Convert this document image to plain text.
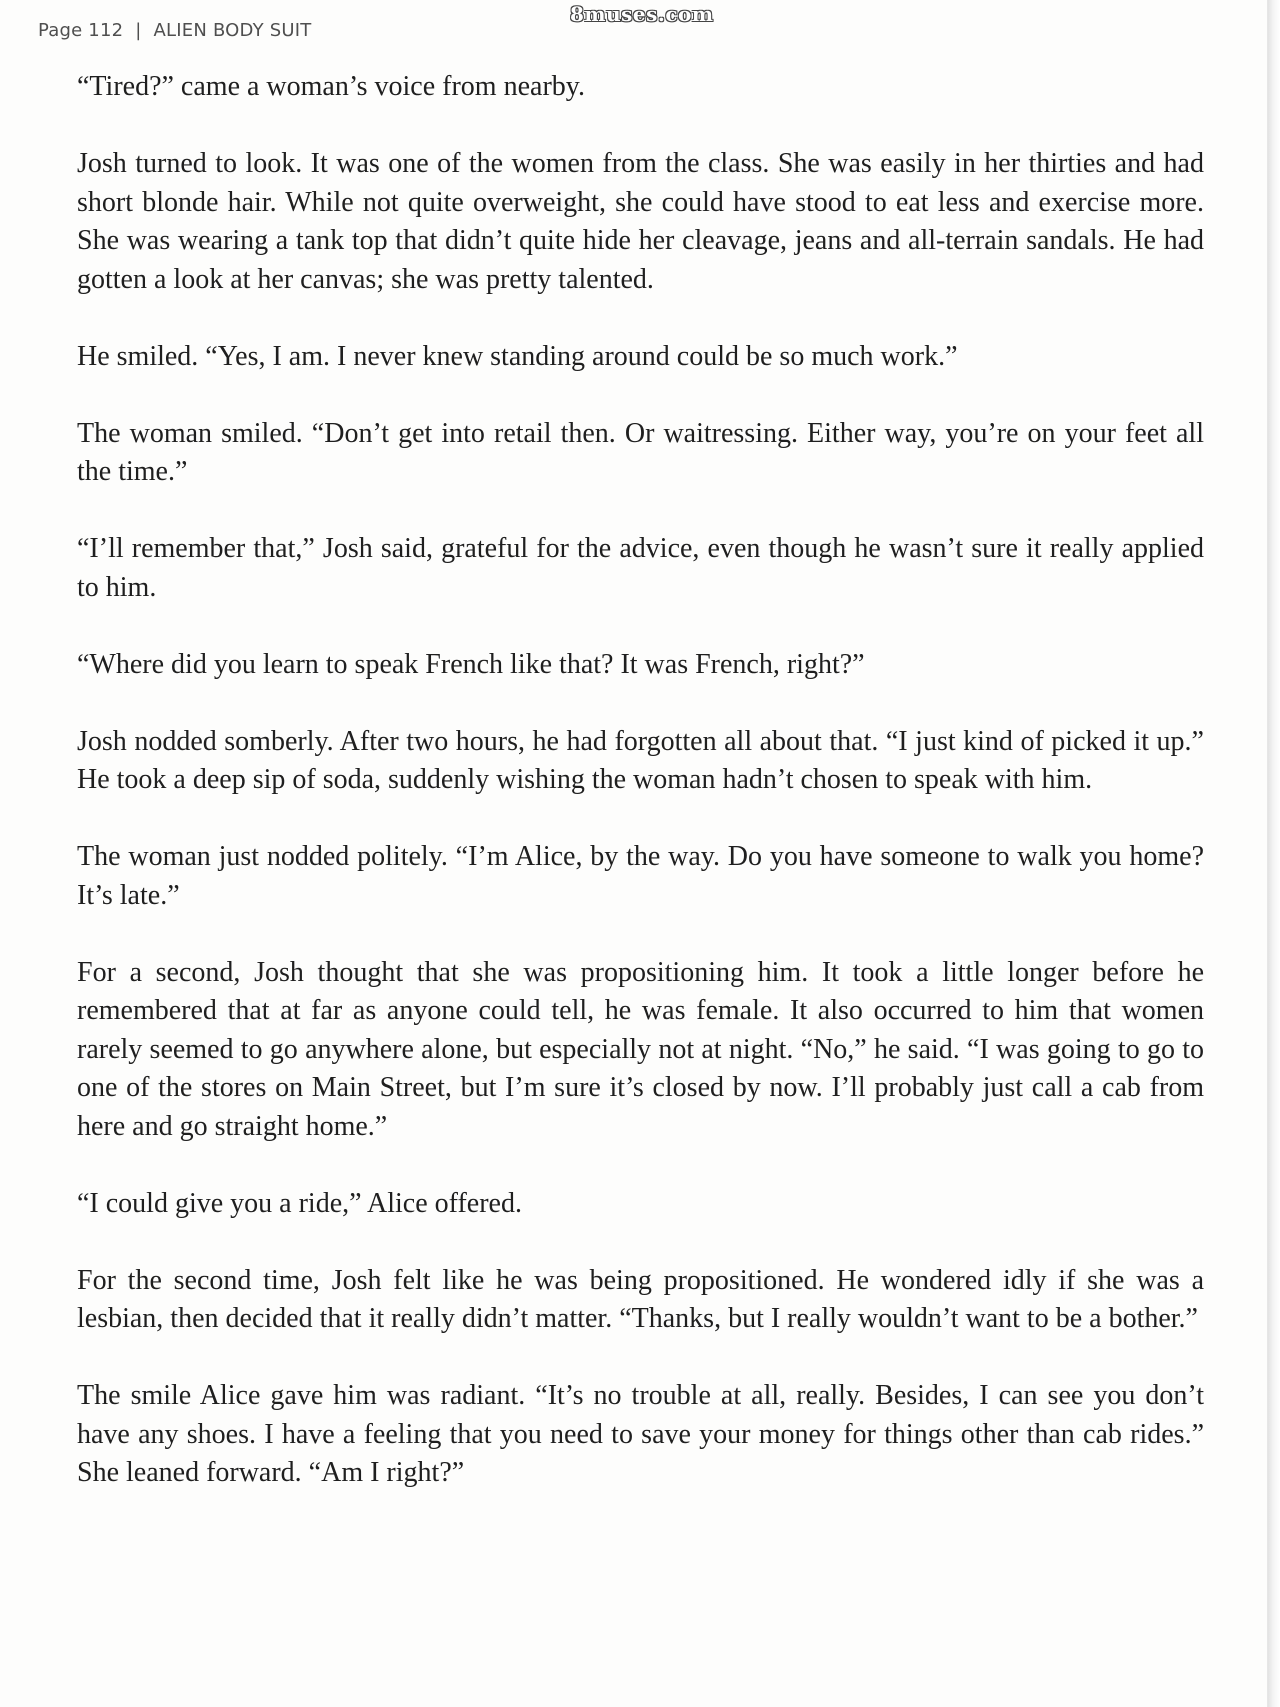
Page 112 | ALIEN BODY SUIT
8muses.com

“Tired?” came a woman’s voice from nearby.

Josh turned to look. It was one of the women from the class. She was easily in her thirties and had short blonde hair. While not quite overweight, she could have stood to eat less and exercise more. She was wearing a tank top that didn’t quite hide her cleavage, jeans and all-terrain sandals. He had gotten a look at her canvas; she was pretty talented.

He smiled. “Yes, I am. I never knew standing around could be so much work.”

The woman smiled. “Don’t get into retail then. Or waitressing. Either way, you’re on your feet all the time.”

“I’ll remember that,” Josh said, grateful for the advice, even though he wasn’t sure it really applied to him.

“Where did you learn to speak French like that? It was French, right?”

Josh nodded somberly. After two hours, he had forgotten all about that. “I just kind of picked it up.” He took a deep sip of soda, suddenly wishing the woman hadn’t chosen to speak with him.

The woman just nodded politely. “I’m Alice, by the way. Do you have someone to walk you home? It’s late.”

For a second, Josh thought that she was propositioning him. It took a little longer before he remembered that at far as anyone could tell, he was female. It also occurred to him that women rarely seemed to go anywhere alone, but especially not at night. “No,” he said. “I was going to go to one of the stores on Main Street, but I’m sure it’s closed by now. I’ll probably just call a cab from here and go straight home.”

“I could give you a ride,” Alice offered.

For the second time, Josh felt like he was being propositioned. He wondered idly if she was a lesbian, then decided that it really didn’t matter. “Thanks, but I really wouldn’t want to be a bother.”

The smile Alice gave him was radiant. “It’s no trouble at all, really. Besides, I can see you don’t have any shoes. I have a feeling that you need to save your money for things other than cab rides.” She leaned forward. “Am I right?”
